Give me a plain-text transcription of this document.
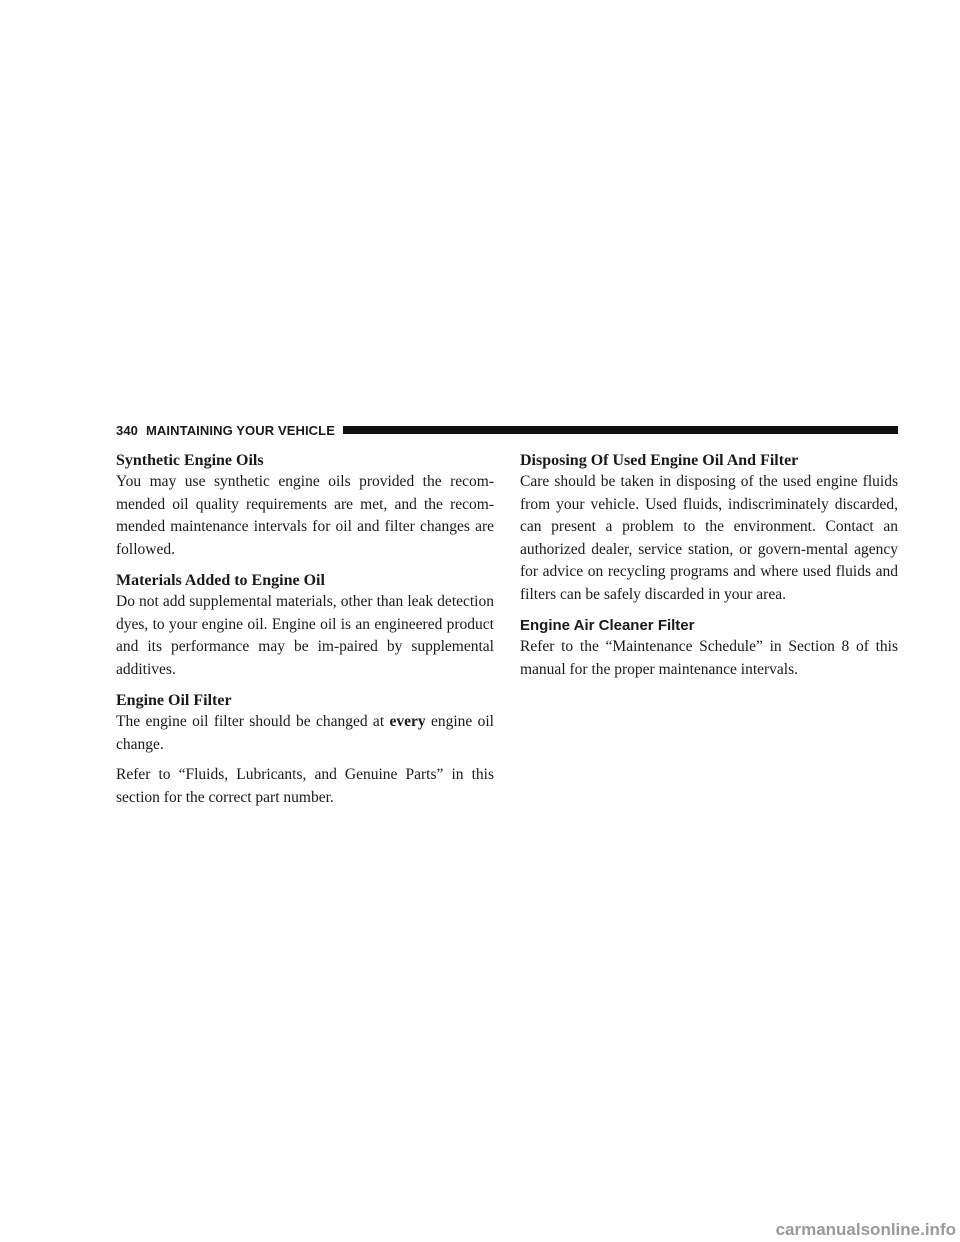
340 MAINTAINING YOUR VEHICLE
Synthetic Engine Oils

You may use synthetic engine oils provided the recom-mended oil quality requirements are met, and the recom-mended maintenance intervals for oil and filter changes are followed.

Materials Added to Engine Oil

Do not add supplemental materials, other than leak detection dyes, to your engine oil. Engine oil is an engineered product and its performance may be im-paired by supplemental additives.

Engine Oil Filter

The engine oil filter should be changed at every engine oil change.

Refer to “Fluids, Lubricants, and Genuine Parts” in this section for the correct part number.

Disposing Of Used Engine Oil And Filter

Care should be taken in disposing of the used engine fluids from your vehicle. Used fluids, indiscriminately discarded, can present a problem to the environment. Contact an authorized dealer, service station, or govern-mental agency for advice on recycling programs and where used fluids and filters can be safely discarded in your area.

Engine Air Cleaner Filter

Refer to the “Maintenance Schedule” in Section 8 of this manual for the proper maintenance intervals.

carmanualsonline.info
